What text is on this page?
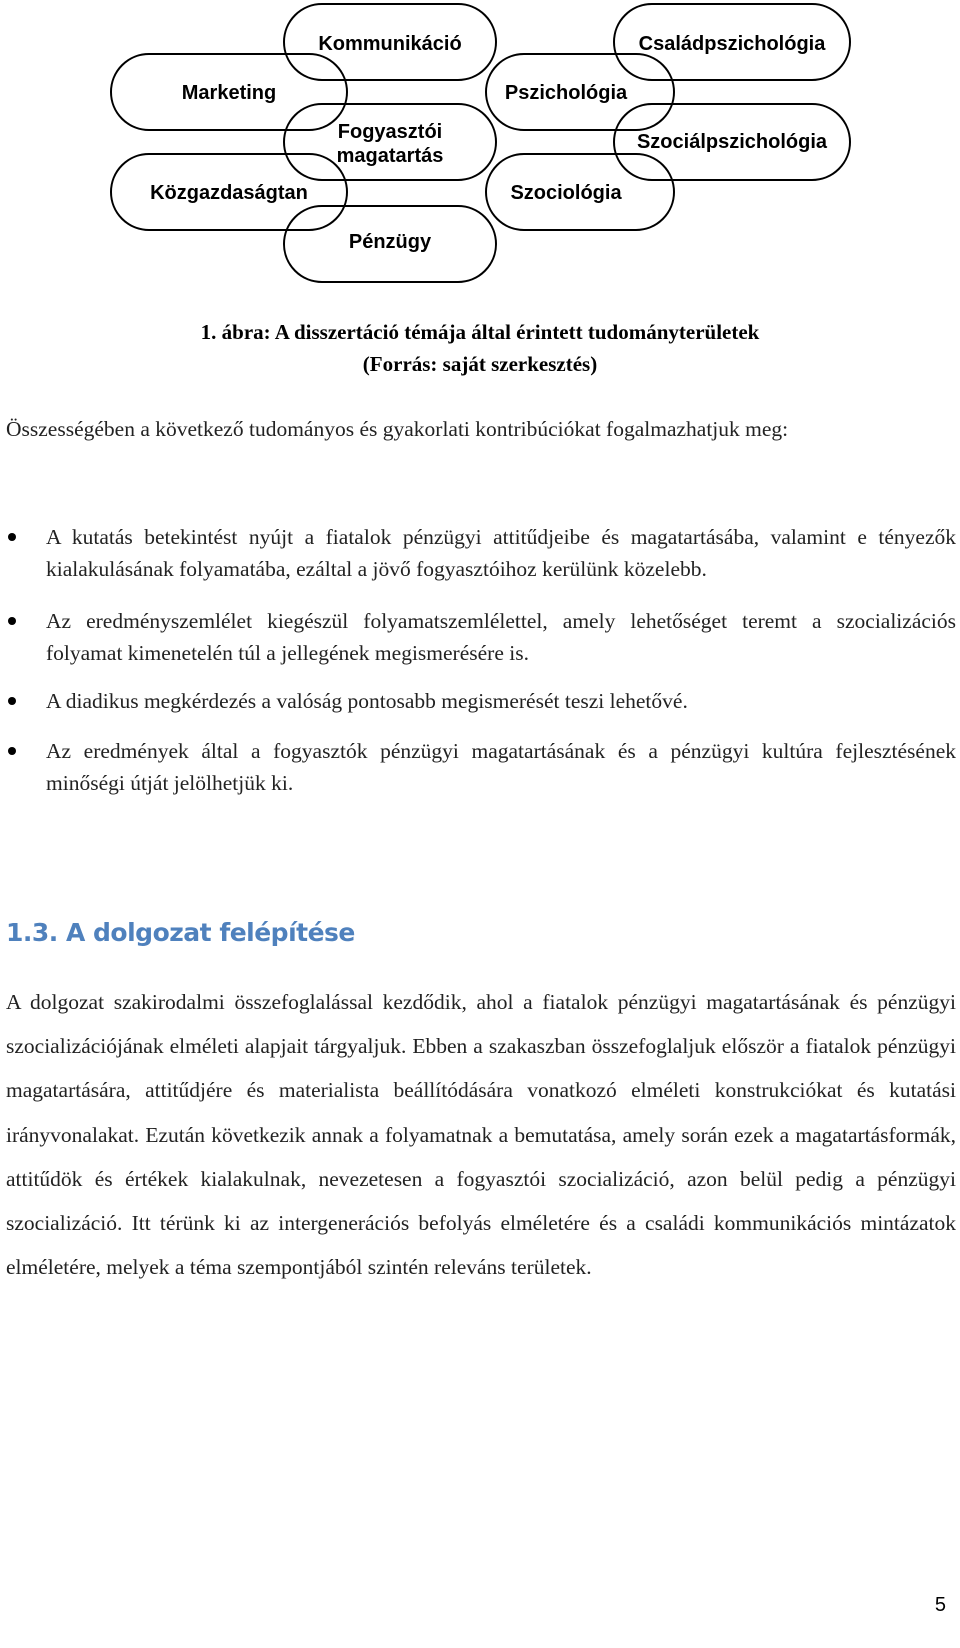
Kommunikáció	Családpszichológia
Marketing	Pszichológia
Fogyasztói
magatartás
Szociálpszichológia
Közgazdaságtan	Szociológia
Pénzügy
1. ábra: A disszertáció témája által érintett tudományterületek
(Forrás: saját szerkesztés)
Összességében a következő tudományos és gyakorlati kontribúciókat fogalmazhatjuk meg:
A kutatás betekintést nyújt a fiatalok pénzügyi attitűdjeibe és magatartásába, valamint e tényezők kialakulásának folyamatába, ezáltal a jövő fogyasztóihoz kerülünk közelebb.
Az eredményszemlélet kiegészül folyamatszemlélettel, amely lehetőséget teremt a szocializációs folyamat kimenetelén túl a jellegének megismerésére is.
A diadikus megkérdezés a valóság pontosabb megismerését teszi lehetővé.
Az eredmények által a fogyasztók pénzügyi magatartásának és a pénzügyi kultúra fejlesztésének minőségi útját jelölhetjük ki.
1.3. A dolgozat felépítése
A dolgozat szakirodalmi összefoglalással kezdődik, ahol a fiatalok pénzügyi magatartásának és pénzügyi szocializációjának elméleti alapjait tárgyaljuk. Ebben a szakaszban összefoglaljuk először a fiatalok pénzügyi magatartására, attitűdjére és materialista beállítódására vonatkozó elméleti konstrukciókat és kutatási irányvonalakat. Ezután következik annak a folyamatnak a bemutatása, amely során ezek a magatartásformák, attitűdök és értékek kialakulnak, nevezetesen a fogyasztói szocializáció, azon belül pedig a pénzügyi szocializáció. Itt térünk ki az intergenerációs befolyás elméletére és a családi kommunikációs mintázatok elméletére, melyek a téma szempontjából szintén releváns területek.
5
